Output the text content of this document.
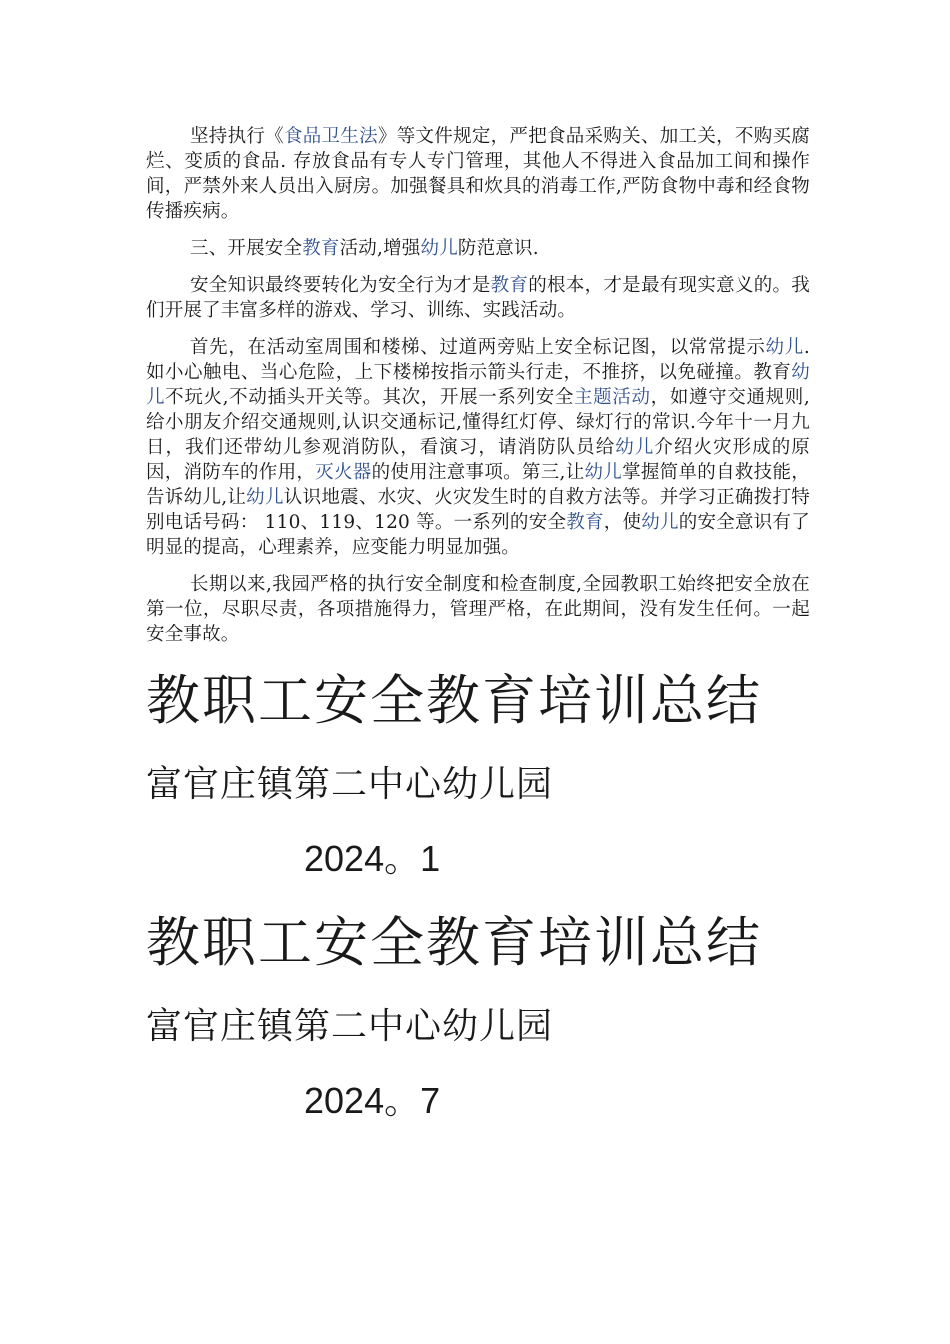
坚持执行《食品卫生法》等文件规定，严把食品采购关、加工关，不购买腐烂、变质的食品. 存放食品有专人专门管理，其他人不得进入食品加工间和操作间，严禁外来人员出入厨房。加强餐具和炊具的消毒工作,严防食物中毒和经食物传播疾病。

三、开展安全教育活动,增强幼儿防范意识.

安全知识最终要转化为安全行为才是教育的根本，才是最有现实意义的。我们开展了丰富多样的游戏、学习、训练、实践活动。

首先，在活动室周围和楼梯、过道两旁贴上安全标记图，以常常提示幼儿.如小心触电、当心危险，上下楼梯按指示箭头行走，不推挤，以免碰撞。教育幼儿不玩火,不动插头开关等。其次，开展一系列安全主题活动，如遵守交通规则,给小朋友介绍交通规则,认识交通标记,懂得红灯停、绿灯行的常识.今年十一月九日，我们还带幼儿参观消防队，看演习，请消防队员给幼儿介绍火灾形成的原因，消防车的作用，灭火器的使用注意事项。第三,让幼儿掌握简单的自救技能，告诉幼儿,让幼儿认识地震、水灾、火灾发生时的自救方法等。并学习正确拨打特别电话号码： 110、119、120 等。一系列的安全教育，使幼儿的安全意识有了明显的提高，心理素养，应变能力明显加强。

长期以来,我园严格的执行安全制度和检查制度,全园教职工始终把安全放在第一位，尽职尽责，各项措施得力，管理严格，在此期间，没有发生任何。一起安全事故。

教职工安全教育培训总结
富官庄镇第二中心幼儿园
2024。1
教职工安全教育培训总结
富官庄镇第二中心幼儿园
2024。7
